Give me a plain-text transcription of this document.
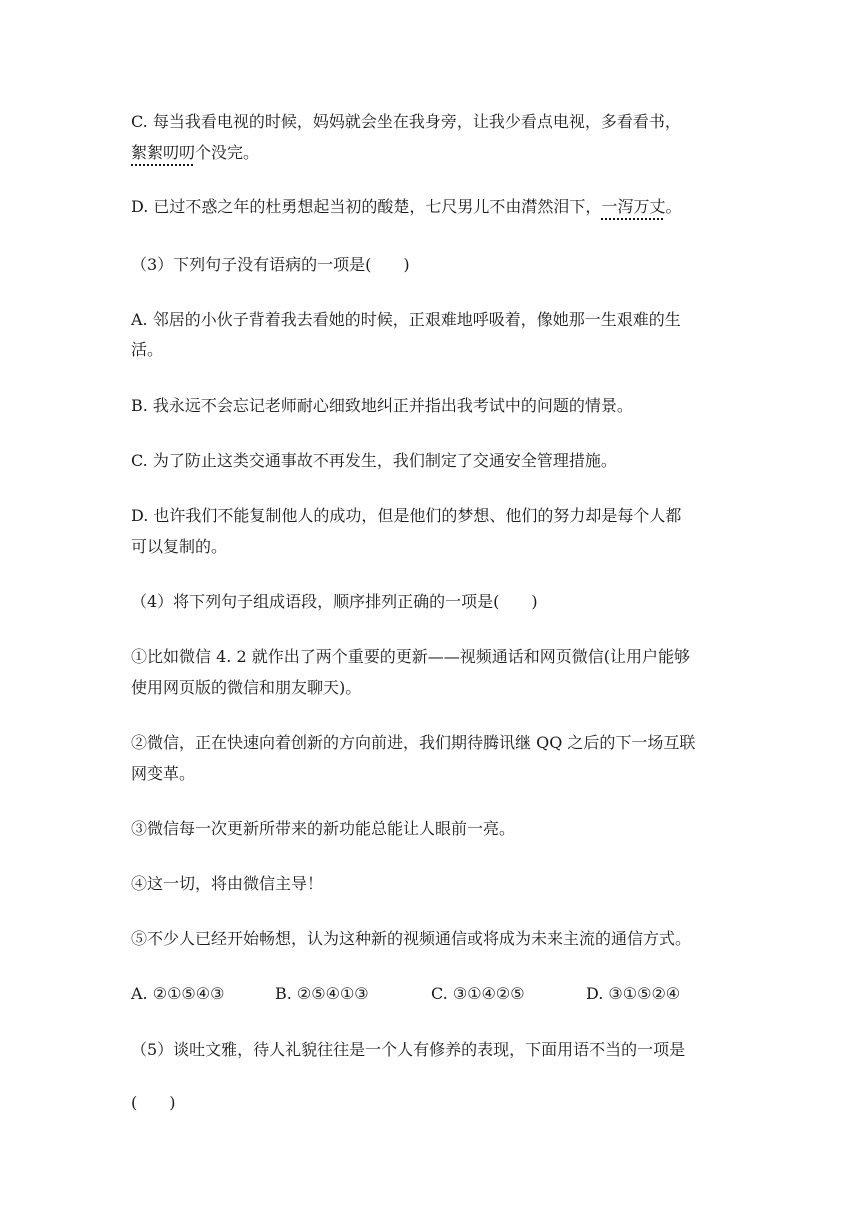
C. 每当我看电视的时候，妈妈就会坐在我身旁，让我少看点电视，多看看书，
絮絮叨叨个没完。
D. 已过不惑之年的杜勇想起当初的酸楚，七尺男儿不由潸然泪下，一泻万丈。
（3）下列句子没有语病的一项是(　　)
A. 邻居的小伙子背着我去看她的时候，正艰难地呼吸着，像她那一生艰难的生
活。
B. 我永远不会忘记老师耐心细致地纠正并指出我考试中的问题的情景。
C. 为了防止这类交通事故不再发生，我们制定了交通安全管理措施。
D. 也许我们不能复制他人的成功，但是他们的梦想、他们的努力却是每个人都
可以复制的。
（4）将下列句子组成语段，顺序排列正确的一项是(　　)
①比如微信 4. 2 就作出了两个重要的更新——视频通话和网页微信(让用户能够
使用网页版的微信和朋友聊天)。
②微信，正在快速向着创新的方向前进，我们期待腾讯继 QQ 之后的下一场互联
网变革。
③微信每一次更新所带来的新功能总能让人眼前一亮。
④这一切，将由微信主导！
⑤不少人已经开始畅想，认为这种新的视频通信或将成为未来主流的通信方式。
A. ②①⑤④③	B. ②⑤④①③	C. ③①④②⑤	D. ③①⑤②④
（5）谈吐文雅，待人礼貌往往是一个人有修养的表现，下面用语不当的一项是
(　　)
